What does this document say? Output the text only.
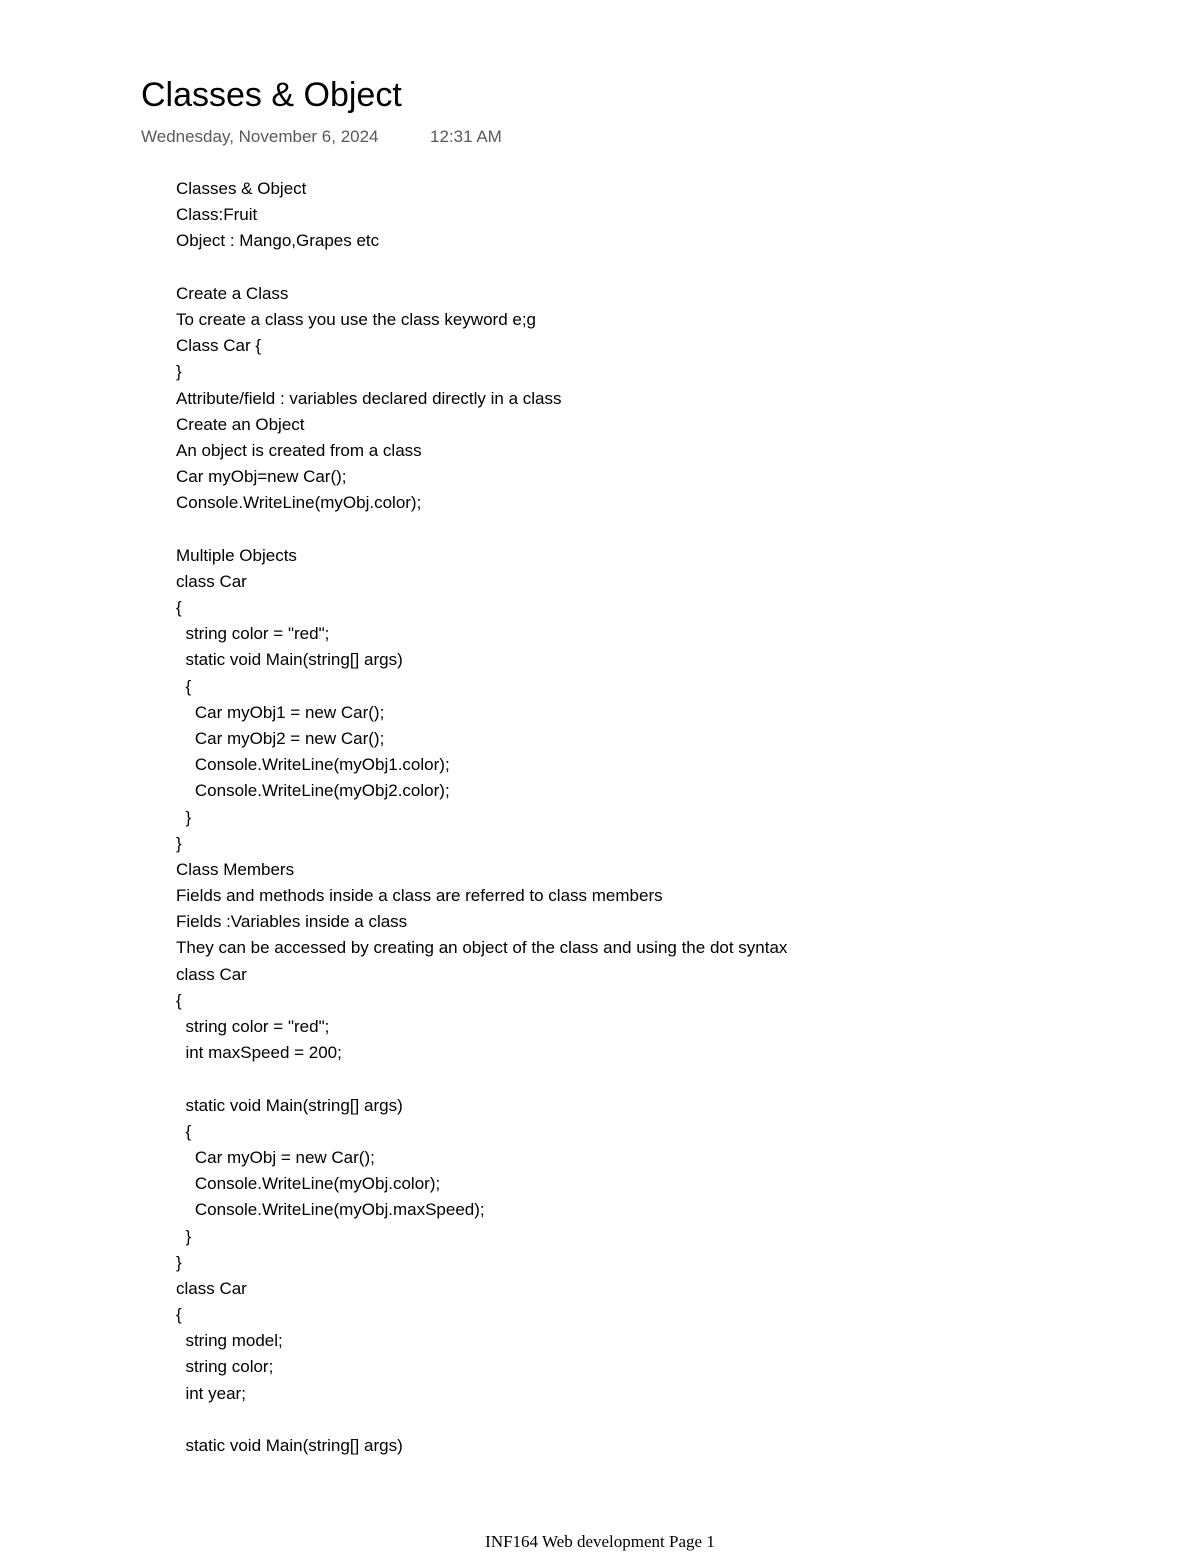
Classes & Object
Wednesday, November 6, 2024	12:31 AM
Classes & Object
Class:Fruit
Object : Mango,Grapes etc
Create a Class
To create a class you use the class keyword e;g
Class Car {
}
Attribute/field : variables declared directly in a class
Create an Object
An object is created from a class
Car myObj=new Car();
Console.WriteLine(myObj.color);
Multiple Objects
class Car
{
string color = "red";
static void Main(string[] args)
{
Car myObj1 = new Car();
Car myObj2 = new Car();
Console.WriteLine(myObj1.color);
Console.WriteLine(myObj2.color);
}
}
Class Members
Fields and methods inside a class are referred to class members
Fields :Variables inside a class
They can be accessed by creating an object of the class and using the dot syntax
class Car
{
string color = "red";
int maxSpeed = 200;
static void Main(string[] args)
{
Car myObj = new Car();
Console.WriteLine(myObj.color);
Console.WriteLine(myObj.maxSpeed);
}
}
class Car
{
string model;
string color;
int year;
static void Main(string[] args)
INF164 Web development Page 1
